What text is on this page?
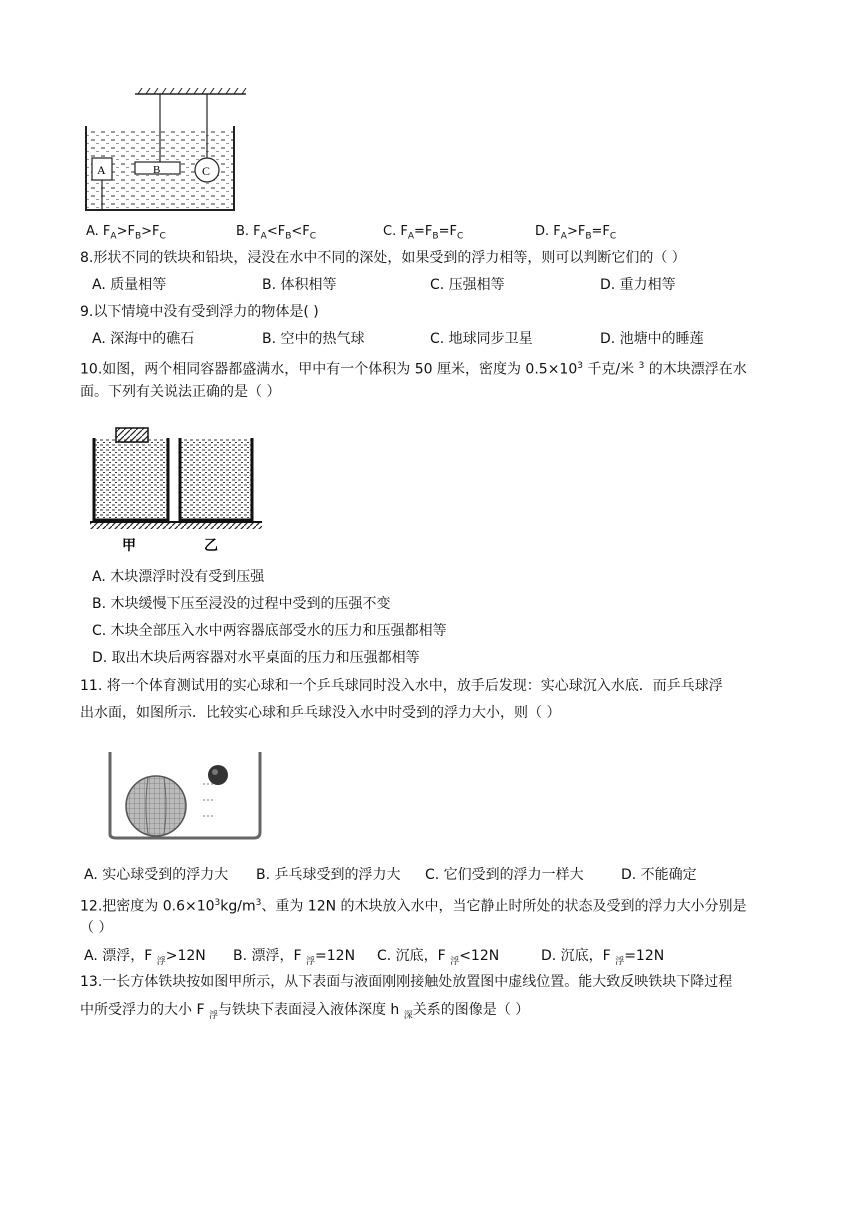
A	B	C
A. $F_A>F_B>F_C$	B. $F_A<F_B<F_C$	C. $F_A=F_B=F_C$	D. $F_A>F_B=F_C$
8.形状不同的铁块和铅块，浸没在水中不同的深处，如果受到的浮力相等，则可以判断它们的（ ）
A. 质量相等	B. 体积相等	C. 压强相等	D. 重力相等
9.以下情境中没有受到浮力的物体是( )
A. 深海中的礁石	B. 空中的热气球	C. 地球同步卫星	D. 池塘中的睡莲
10.如图，两个相同容器都盛满水，甲中有一个体积为 50 厘米，密度为 $0.5\times 10^3$ 千克/米 $^3$ 的木块漂浮在水
面。下列有关说法正确的是（ ）
甲	乙
A. 木块漂浮时没有受到压强
B. 木块缓慢下压至浸没的过程中受到的压强不变
C. 木块全部压入水中两容器底部受水的压力和压强都相等
D. 取出木块后两容器对水平桌面的压力和压强都相等
11. 将一个体育测试用的实心球和一个乒乓球同时没入水中，放手后发现：实心球沉入水底．而乒乓球浮
出水面，如图所示．比较实心球和乒乓球没入水中时受到的浮力大小，则（ ）
A. 实心球受到的浮力大 B. 乒乓球受到的浮力大 C. 它们受到的浮力一样大	D. 不能确定
12.把密度为 $0.6\times 10^3kg/m^3$、重为 12N 的木块放入水中，当它静止时所处的状态及受到的浮力大小分别是
（ ）
A. 漂浮，F $_浮$>12N B. 漂浮，F $_浮$=12N C. 沉底，F $_浮$<12N	D. 沉底，F $_浮$=12N
13.一长方体铁块按如图甲所示，从下表面与液面刚刚接触处放置图中虚线位置。能大致反映铁块下降过程
中所受浮力的大小 F $_浮$与铁块下表面浸入液体深度 h $_深$关系的图像是（ ）
